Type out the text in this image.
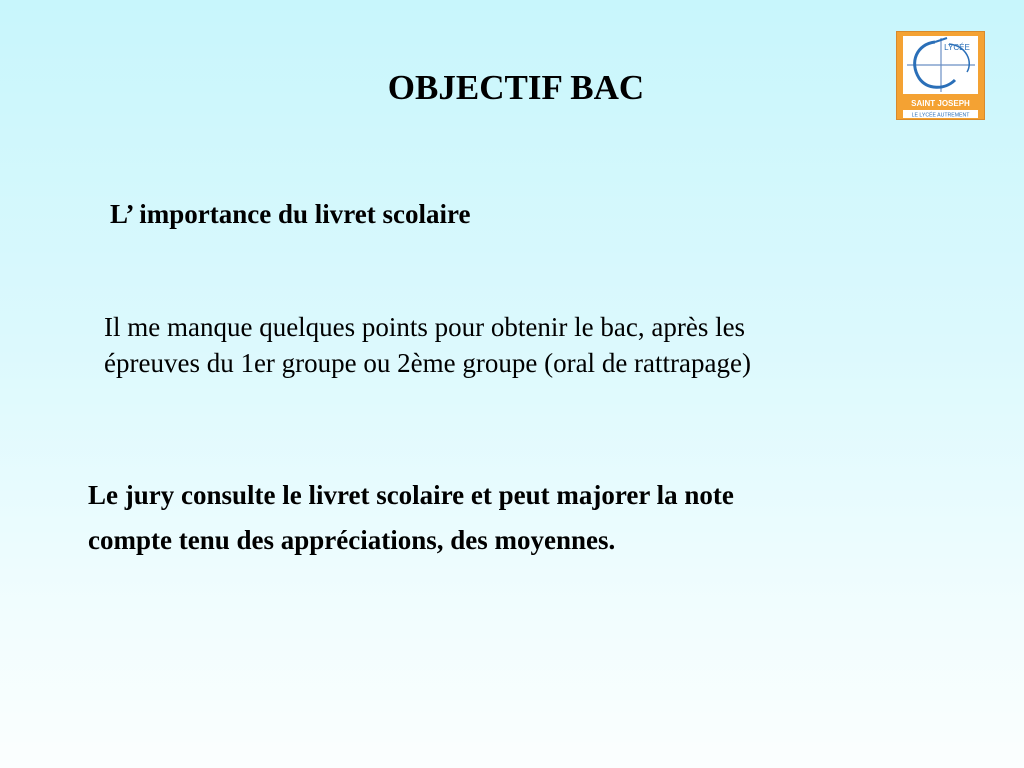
OBJECTIF BAC
LYCÉE
SAINT JOSEPH
LE LYCÉE AUTREMENT
L’ importance du livret scolaire
Il me manque quelques points pour obtenir le bac, après les
épreuves du 1er groupe ou 2ème groupe (oral de rattrapage)
Le jury consulte le livret scolaire et peut majorer la note
compte tenu des appréciations, des moyennes.
